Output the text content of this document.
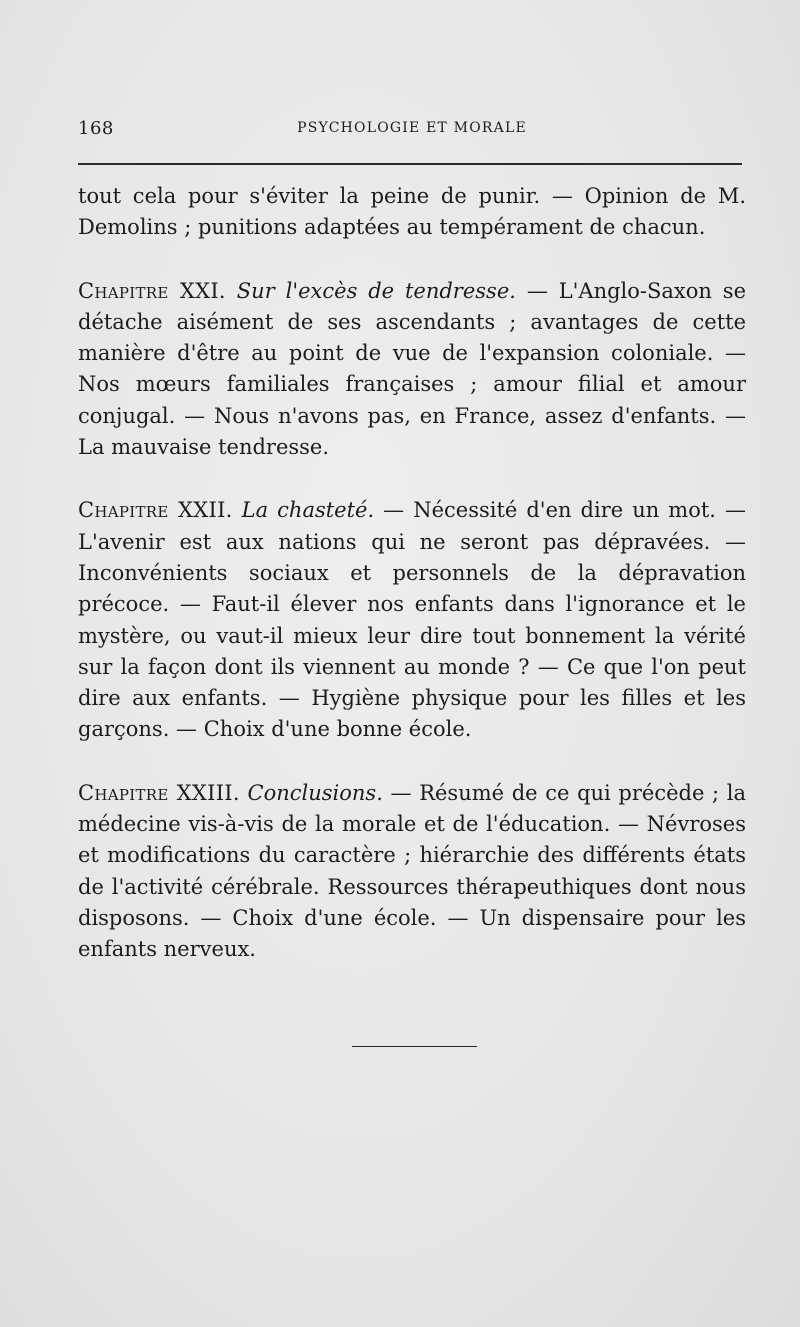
168	PSYCHOLOGIE ET MORALE

tout cela pour s'éviter la peine de punir. — Opinion de M. Demolins ; punitions adaptées au tempérament de chacun.

Chapitre XXI. Sur l'excès de tendresse. — L'Anglo-Saxon se détache aisément de ses ascendants ; avantages de cette manière d'être au point de vue de l'expansion coloniale. — Nos mœurs familiales françaises ; amour filial et amour conjugal. — Nous n'avons pas, en France, assez d'enfants. — La mauvaise tendresse.

Chapitre XXII. La chasteté. — Nécessité d'en dire un mot. — L'avenir est aux nations qui ne seront pas dépravées. — Inconvénients sociaux et personnels de la dépravation précoce. — Faut-il élever nos enfants dans l'ignorance et le mystère, ou vaut-il mieux leur dire tout bonnement la vérité sur la façon dont ils viennent au monde ? — Ce que l'on peut dire aux enfants. — Hygiène physique pour les filles et les garçons. — Choix d'une bonne école.

Chapitre XXIII. Conclusions. — Résumé de ce qui précède ; la médecine vis-à-vis de la morale et de l'éducation. — Névroses et modifications du caractère ; hiérarchie des différents états de l'activité cérébrale. Ressources thérapeuthiques dont nous disposons. — Choix d'une école. — Un dispensaire pour les enfants nerveux.
